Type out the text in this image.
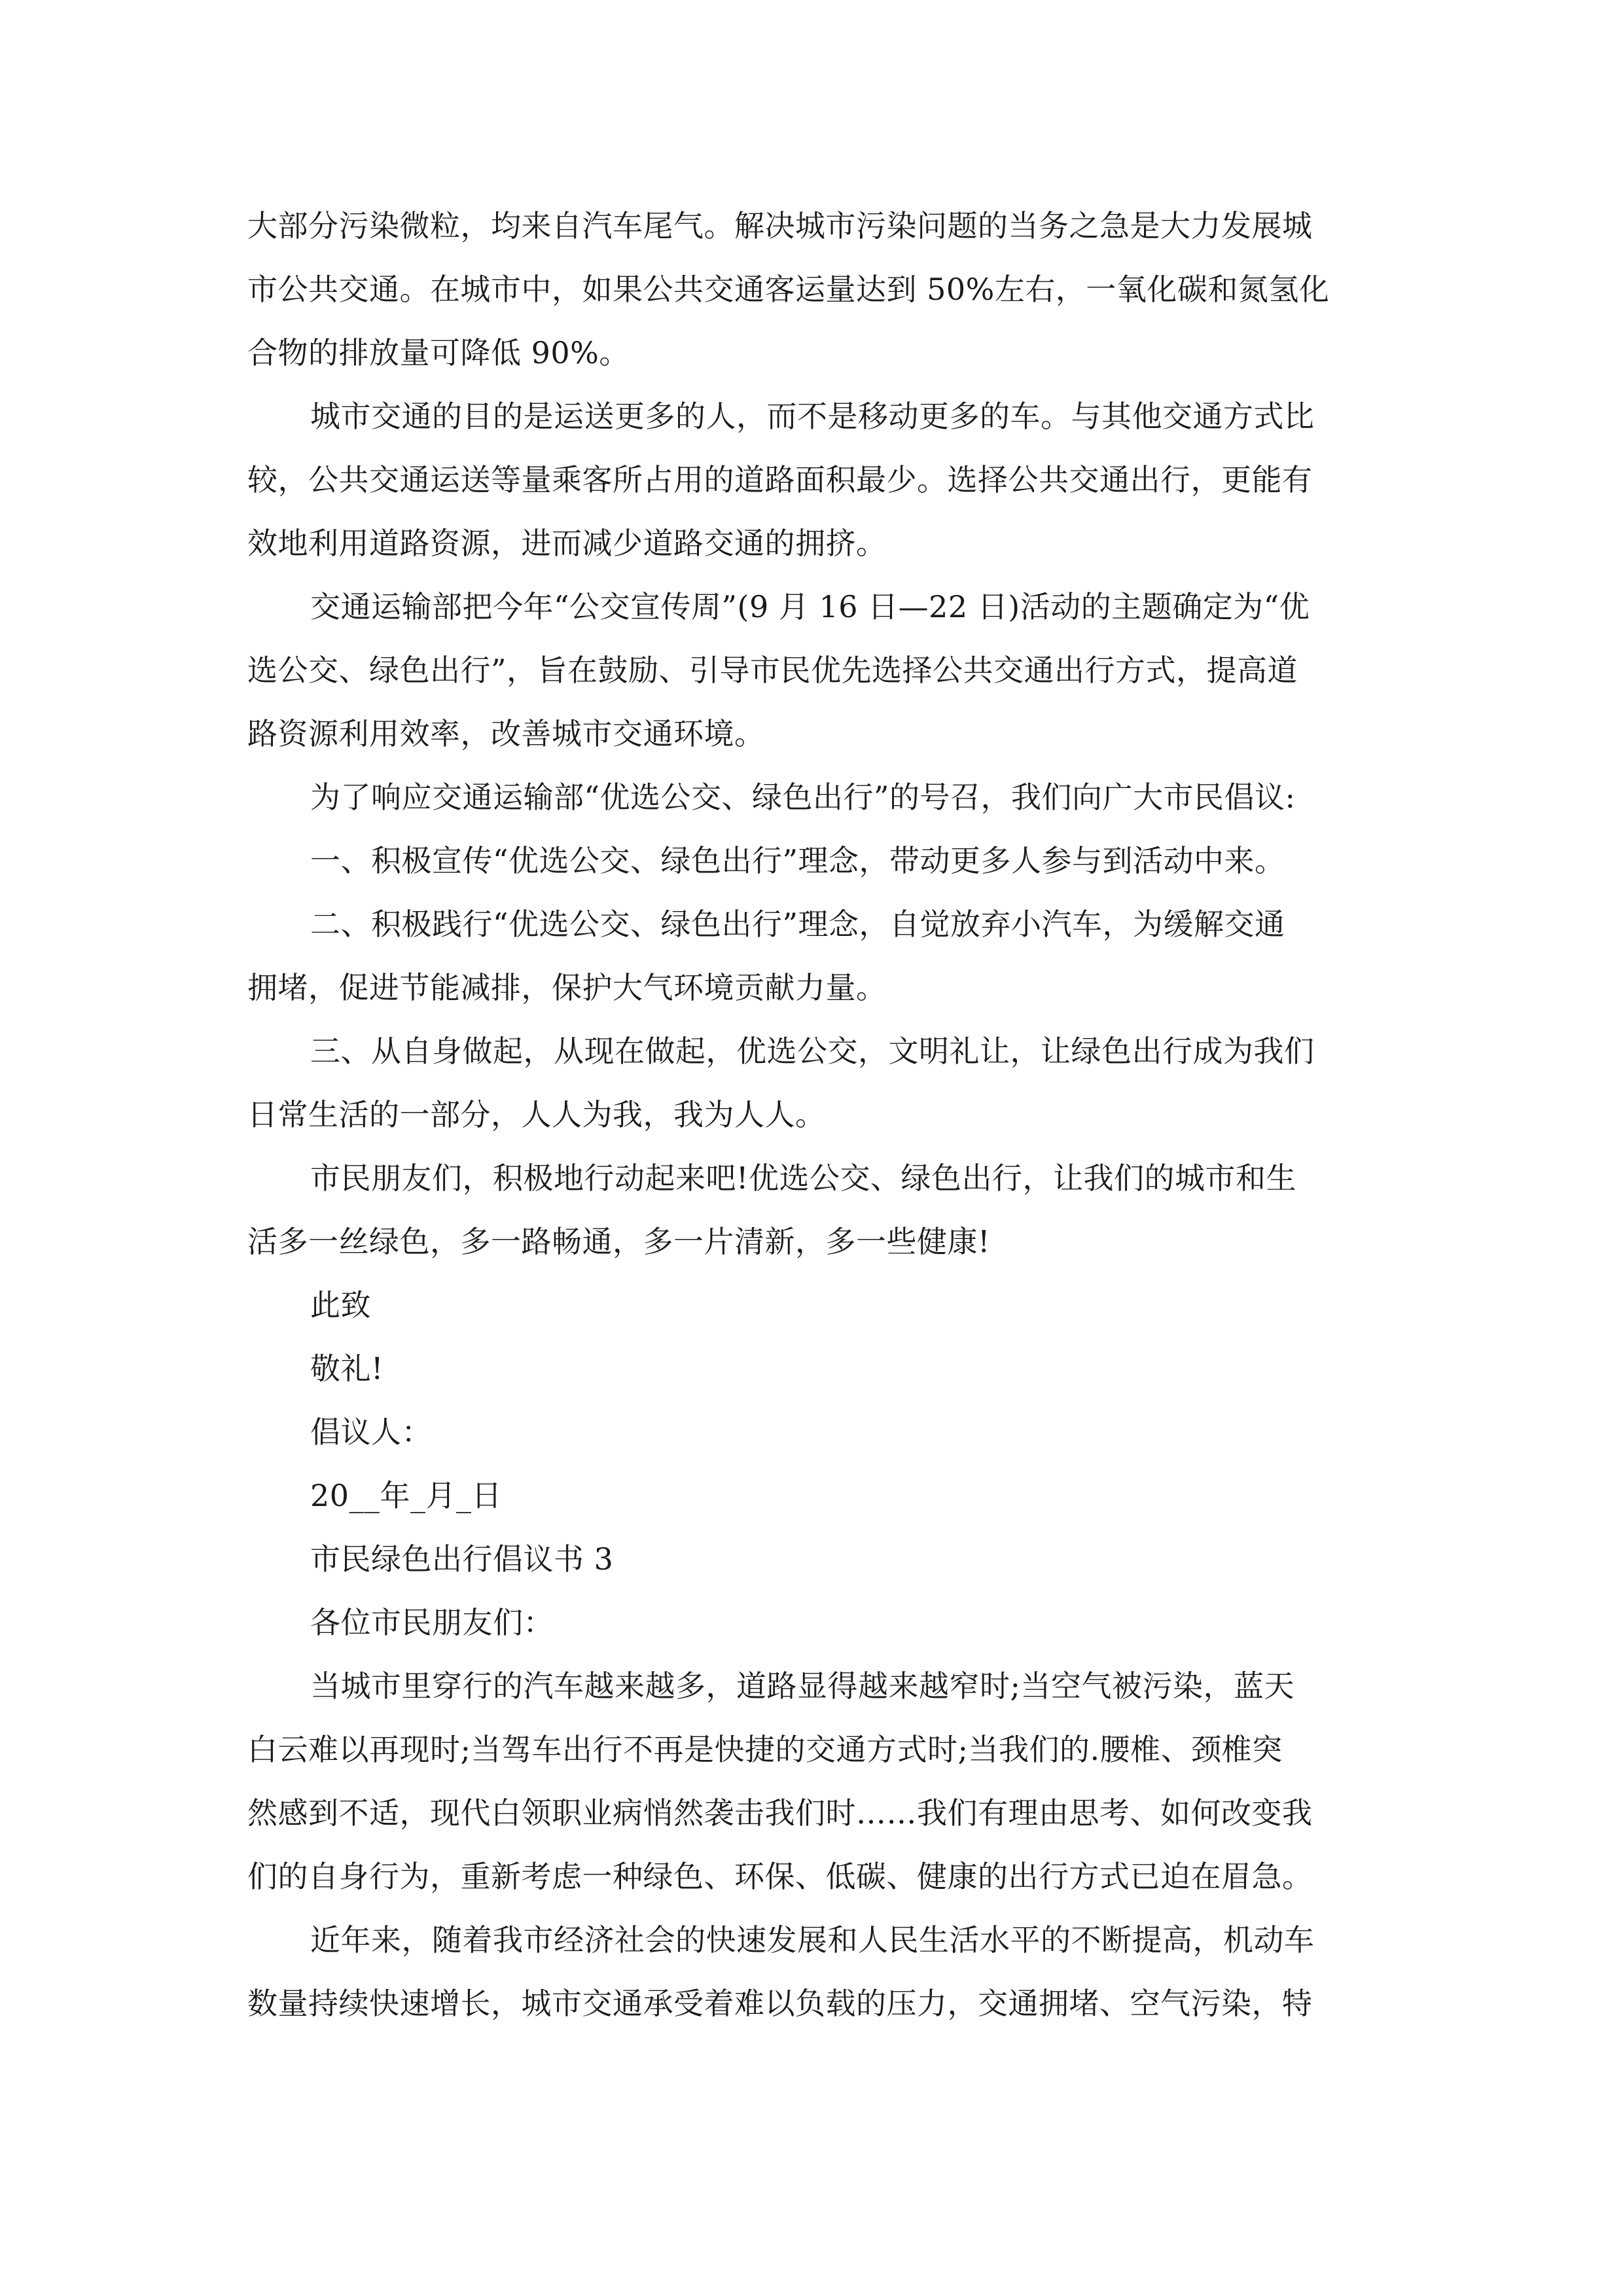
大部分污染微粒，均来自汽车尾气。解决城市污染问题的当务之急是大力发展城
市公共交通。在城市中，如果公共交通客运量达到 50%左右，一氧化碳和氮氢化
合物的排放量可降低 90%。
城市交通的目的是运送更多的人，而不是移动更多的车。与其他交通方式比
较，公共交通运送等量乘客所占用的道路面积最少。选择公共交通出行，更能有
效地利用道路资源，进而减少道路交通的拥挤。
交通运输部把今年“公交宣传周”(9 月 16 日—22 日)活动的主题确定为“优
选公交、绿色出行”，旨在鼓励、引导市民优先选择公共交通出行方式，提高道
路资源利用效率，改善城市交通环境。
为了响应交通运输部“优选公交、绿色出行”的号召，我们向广大市民倡议:
一、积极宣传“优选公交、绿色出行”理念，带动更多人参与到活动中来。
二、积极践行“优选公交、绿色出行”理念，自觉放弃小汽车，为缓解交通
拥堵，促进节能减排，保护大气环境贡献力量。
三、从自身做起，从现在做起，优选公交，文明礼让，让绿色出行成为我们
日常生活的一部分，人人为我，我为人人。
市民朋友们，积极地行动起来吧!优选公交、绿色出行，让我们的城市和生
活多一丝绿色，多一路畅通，多一片清新，多一些健康!
此致
敬礼!
倡议人：
20__年_月_日
市民绿色出行倡议书 3
各位市民朋友们：
当城市里穿行的汽车越来越多，道路显得越来越窄时;当空气被污染，蓝天
白云难以再现时;当驾车出行不再是快捷的交通方式时;当我们的.腰椎、颈椎突
然感到不适，现代白领职业病悄然袭击我们时……我们有理由思考、如何改变我
们的自身行为，重新考虑一种绿色、环保、低碳、健康的出行方式已迫在眉急。
近年来，随着我市经济社会的快速发展和人民生活水平的不断提高，机动车
数量持续快速增长，城市交通承受着难以负载的压力，交通拥堵、空气污染，特
